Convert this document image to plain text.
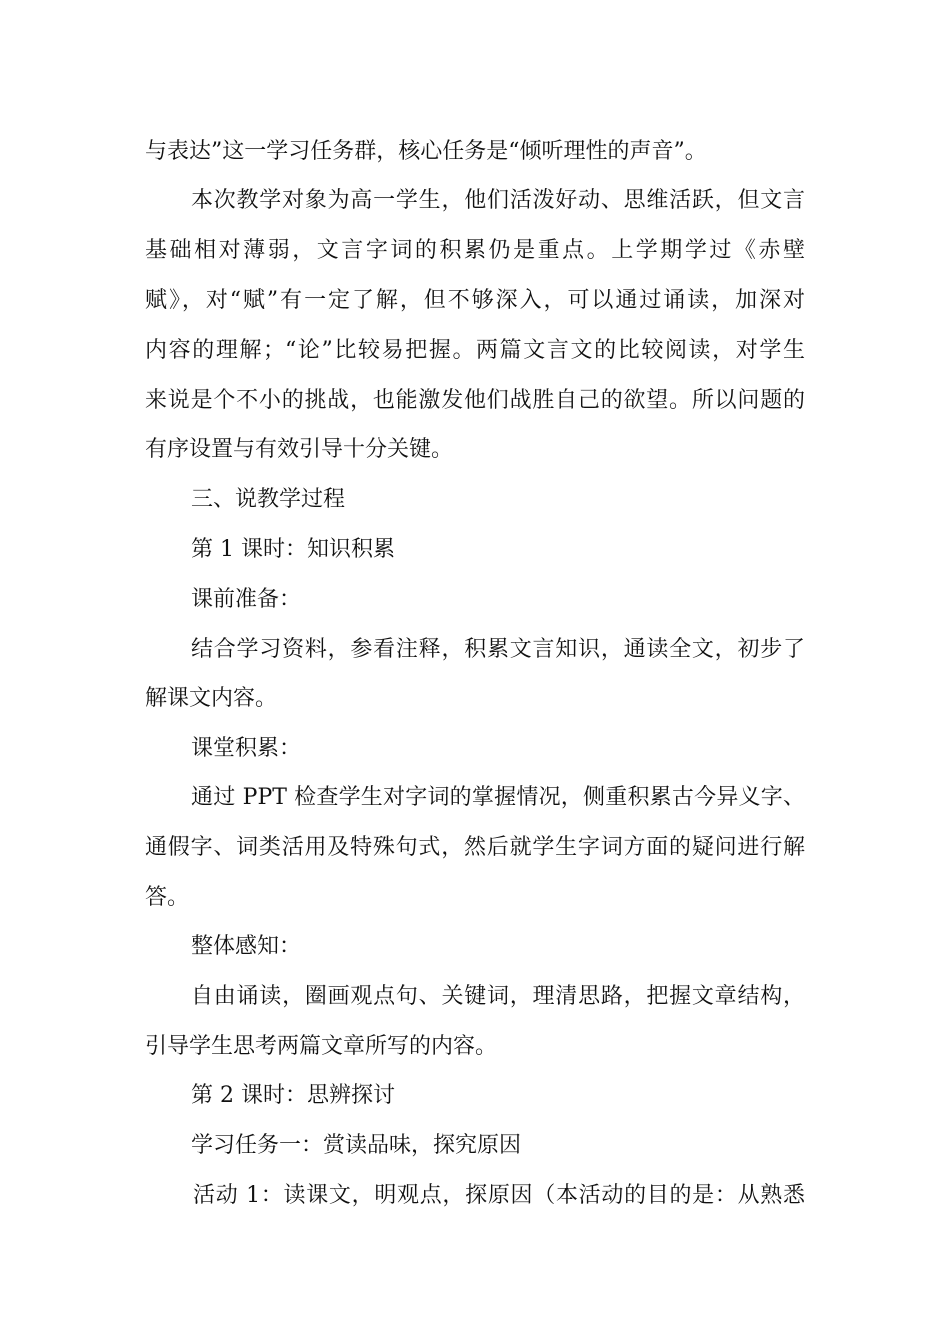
与表达”这一学习任务群，核心任务是“倾听理性的声音”。
本次教学对象为高一学生，他们活泼好动、思维活跃，但文言
基础相对薄弱，文言字词的积累仍是重点。上学期学过《赤壁
赋》，对“赋”有一定了解，但不够深入，可以通过诵读，加深对
内容的理解；“论”比较易把握。两篇文言文的比较阅读，对学生
来说是个不小的挑战，也能激发他们战胜自己的欲望。所以问题的
有序设置与有效引导十分关键。
三、说教学过程
第 1 课时：知识积累
课前准备：
结合学习资料，参看注释，积累文言知识，通读全文，初步了
解课文内容。
课堂积累：
通过 PPT 检查学生对字词的掌握情况，侧重积累古今异义字、
通假字、词类活用及特殊句式，然后就学生字词方面的疑问进行解
答。
整体感知：
自由诵读，圈画观点句、关键词，理清思路，把握文章结构，
引导学生思考两篇文章所写的内容。
第 2 课时：思辨探讨
学习任务一：赏读品味，探究原因
活动 1：读课文，明观点，探原因（本活动的目的是：从熟悉
